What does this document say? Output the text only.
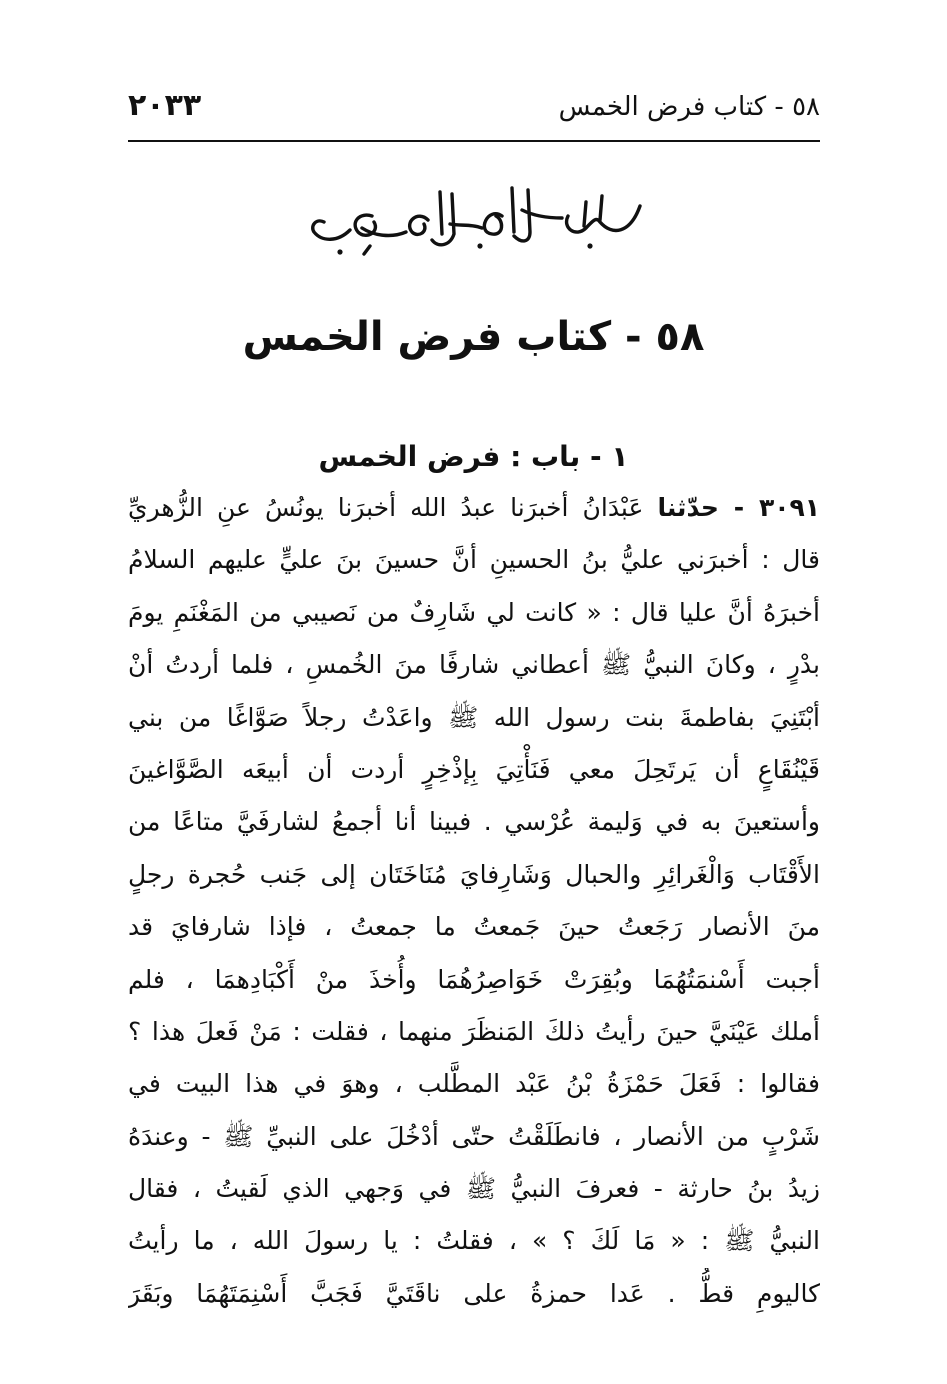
٥٨ - كتاب فرض الخمس
٢٠٣٣
٥٨ - كتاب فرض الخمس
١ - باب : فرض الخمس
٣٠٩١ - حدّثنا عَبْدَانُ أخبرَنا عبدُ الله أخبرَنا يونُسُ عنِ الزُّهريِّ
قال : أخبرَني عليُّ بنُ الحسينِ أنَّ حسينَ بنَ عليٍّ عليهم السلامُ
أخبرَهُ أنَّ عليا قال : « كانت لي شَارِفٌ من نَصيبي من المَغْنَمِ يومَ
بدْرٍ ، وكانَ النبيُّ ﷺ أعطاني شارفًا منَ الخُمسِ ، فلما أردتُ أنْ
أبْتَنِيَ بفاطمةَ بنت رسول الله ﷺ واعَدْتُ رجلاً صَوَّاغًا من بني
قَيْنُقَاعٍ أن يَرتَحِلَ معي فَنَأْتِيَ بِإذْخِرٍ أردت أن أبيعَه الصَّوَّاغينَ
وأستعينَ به في وَليمة عُرْسي . فبينا أنا أجمعُ لشارفَيَّ متاعًا من
الأَقْتَاب وَالْغَرائِرِ والحبال وَشَارِفايَ مُنَاخَتَان إلى جَنب حُجرة رجلٍ
منَ الأنصار رَجَعتُ حينَ جَمعتُ ما جمعتُ ، فإذا شارفايَ قد
أجبت أَسْنمَتُهُمَا وبُقِرَتْ خَوَاصِرُهُمَا وأُخذَ منْ أَكْبَادِهمَا ، فلم
أملك عَيْنَيَّ حينَ رأيتُ ذلكَ المَنظَرَ منهما ، فقلت : مَنْ فَعلَ هذا ؟
فقالوا : فَعَلَ حَمْزَةُ بْنُ عَبْد المطَّلب ، وهوَ في هذا البيت في
شَرْبٍ من الأنصار ، فانطَلَقْتُ حتّى أدْخُلَ على النبيِّ ﷺ - وعندَهُ
زيدُ بنُ حارثة - فعرفَ النبيُّ ﷺ في وَجهي الذي لَقيتُ ، فقال
النبيُّ ﷺ : « مَا لَكَ ؟ » ، فقلتُ : يا رسولَ الله ، ما رأيتُ
كاليومِ قطُّ . عَدا حمزةُ على ناقَتَيَّ فَجَبَّ أَسْنِمَتَهُمَا وبَقَرَ
